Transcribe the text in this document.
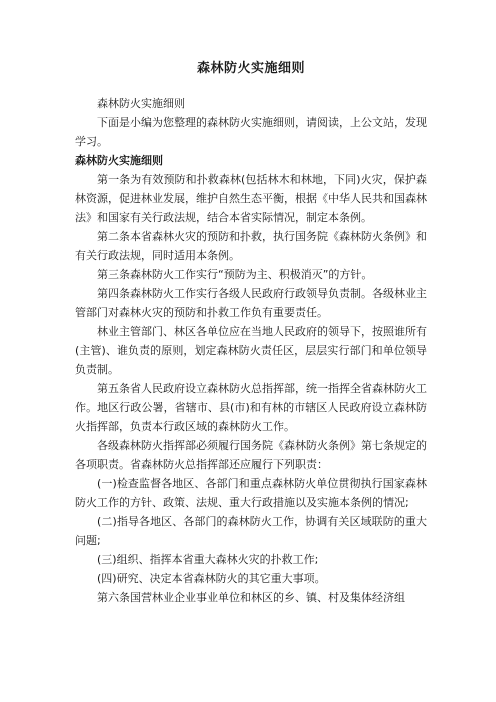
森林防火实施细则

森林防火实施细则

下面是小编为您整理的森林防火实施细则，请阅读，上公文站，发现学习。

森林防火实施细则

第一条为有效预防和扑救森林(包括林木和林地，下同)火灾，保护森林资源，促进林业发展，维护自然生态平衡，根据《中华人民共和国森林法》和国家有关行政法规，结合本省实际情况，制定本条例。

第二条本省森林火灾的预防和扑救，执行国务院《森林防火条例》和有关行政法规，同时适用本条例。

第三条森林防火工作实行“预防为主、积极消灭”的方针。

第四条森林防火工作实行各级人民政府行政领导负责制。各级林业主管部门对森林火灾的预防和扑救工作负有重要责任。

林业主管部门、林区各单位应在当地人民政府的领导下，按照谁所有(主管)、谁负责的原则，划定森林防火责任区，层层实行部门和单位领导负责制。

第五条省人民政府设立森林防火总指挥部，统一指挥全省森林防火工作。地区行政公署，省辖市、县(市)和有林的市辖区人民政府设立森林防火指挥部，负责本行政区域的森林防火工作。

各级森林防火指挥部必须履行国务院《森林防火条例》第七条规定的各项职责。省森林防火总指挥部还应履行下列职责：

(一)检查监督各地区、各部门和重点森林防火单位贯彻执行国家森林防火工作的方针、政策、法规、重大行政措施以及实施本条例的情况;

(二)指导各地区、各部门的森林防火工作，协调有关区域联防的重大问题;

(三)组织、指挥本省重大森林火灾的扑救工作;

(四)研究、决定本省森林防火的其它重大事项。

第六条国营林业企业事业单位和林区的乡、镇、村及集体经济组
